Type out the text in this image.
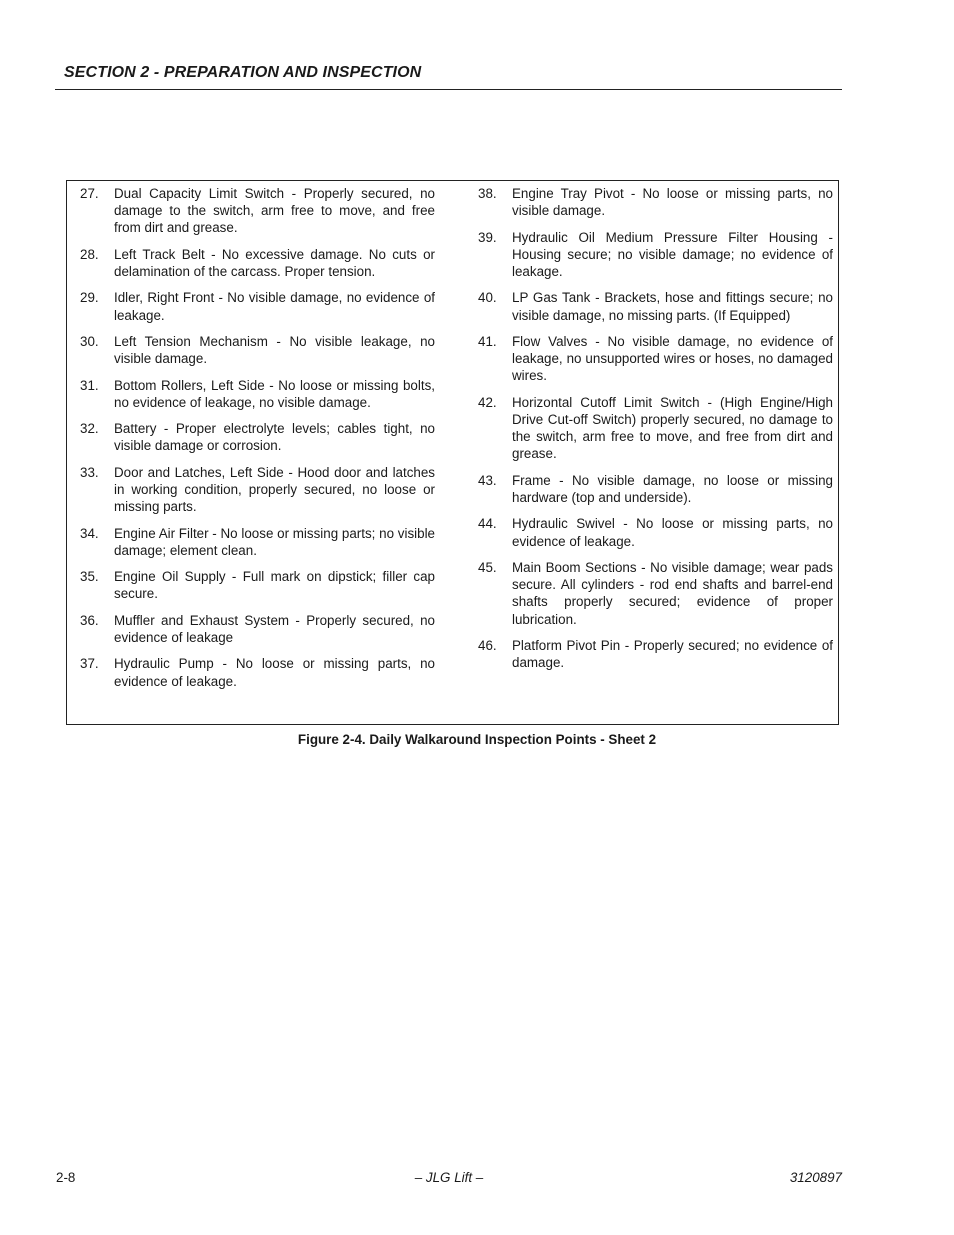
SECTION 2 - PREPARATION AND INSPECTION
27. Dual Capacity Limit Switch - Properly secured, no damage to the switch, arm free to move, and free from dirt and grease.
28. Left Track Belt - No excessive damage. No cuts or delamination of the carcass. Proper tension.
29. Idler, Right Front - No visible damage, no evidence of leakage.
30. Left Tension Mechanism - No visible leakage, no visible damage.
31. Bottom Rollers, Left Side - No loose or missing bolts, no evidence of leakage, no visible damage.
32. Battery - Proper electrolyte levels; cables tight, no visible damage or corrosion.
33. Door and Latches, Left Side - Hood door and latches in working condition, properly secured, no loose or missing parts.
34. Engine Air Filter - No loose or missing parts; no visible damage; element clean.
35. Engine Oil Supply - Full mark on dipstick; filler cap secure.
36. Muffler and Exhaust System - Properly secured, no evidence of leakage
37. Hydraulic Pump - No loose or missing parts, no evidence of leakage.
38. Engine Tray Pivot - No loose or missing parts, no visible damage.
39. Hydraulic Oil Medium Pressure Filter Housing - Housing secure; no visible damage; no evidence of leakage.
40. LP Gas Tank - Brackets, hose and fittings secure; no visible damage, no missing parts. (If Equipped)
41. Flow Valves - No visible damage, no evidence of leakage, no unsupported wires or hoses, no damaged wires.
42. Horizontal Cutoff Limit Switch - (High Engine/High Drive Cut-off Switch) properly secured, no damage to the switch, arm free to move, and free from dirt and grease.
43. Frame - No visible damage, no loose or missing hardware (top and underside).
44. Hydraulic Swivel - No loose or missing parts, no evidence of leakage.
45. Main Boom Sections - No visible damage; wear pads secure. All cylinders - rod end shafts and barrel-end shafts properly secured; evidence of proper lubrication.
46. Platform Pivot Pin - Properly secured; no evidence of damage.
Figure 2-4. Daily Walkaround Inspection Points - Sheet 2
2-8	– JLG Lift –	3120897
